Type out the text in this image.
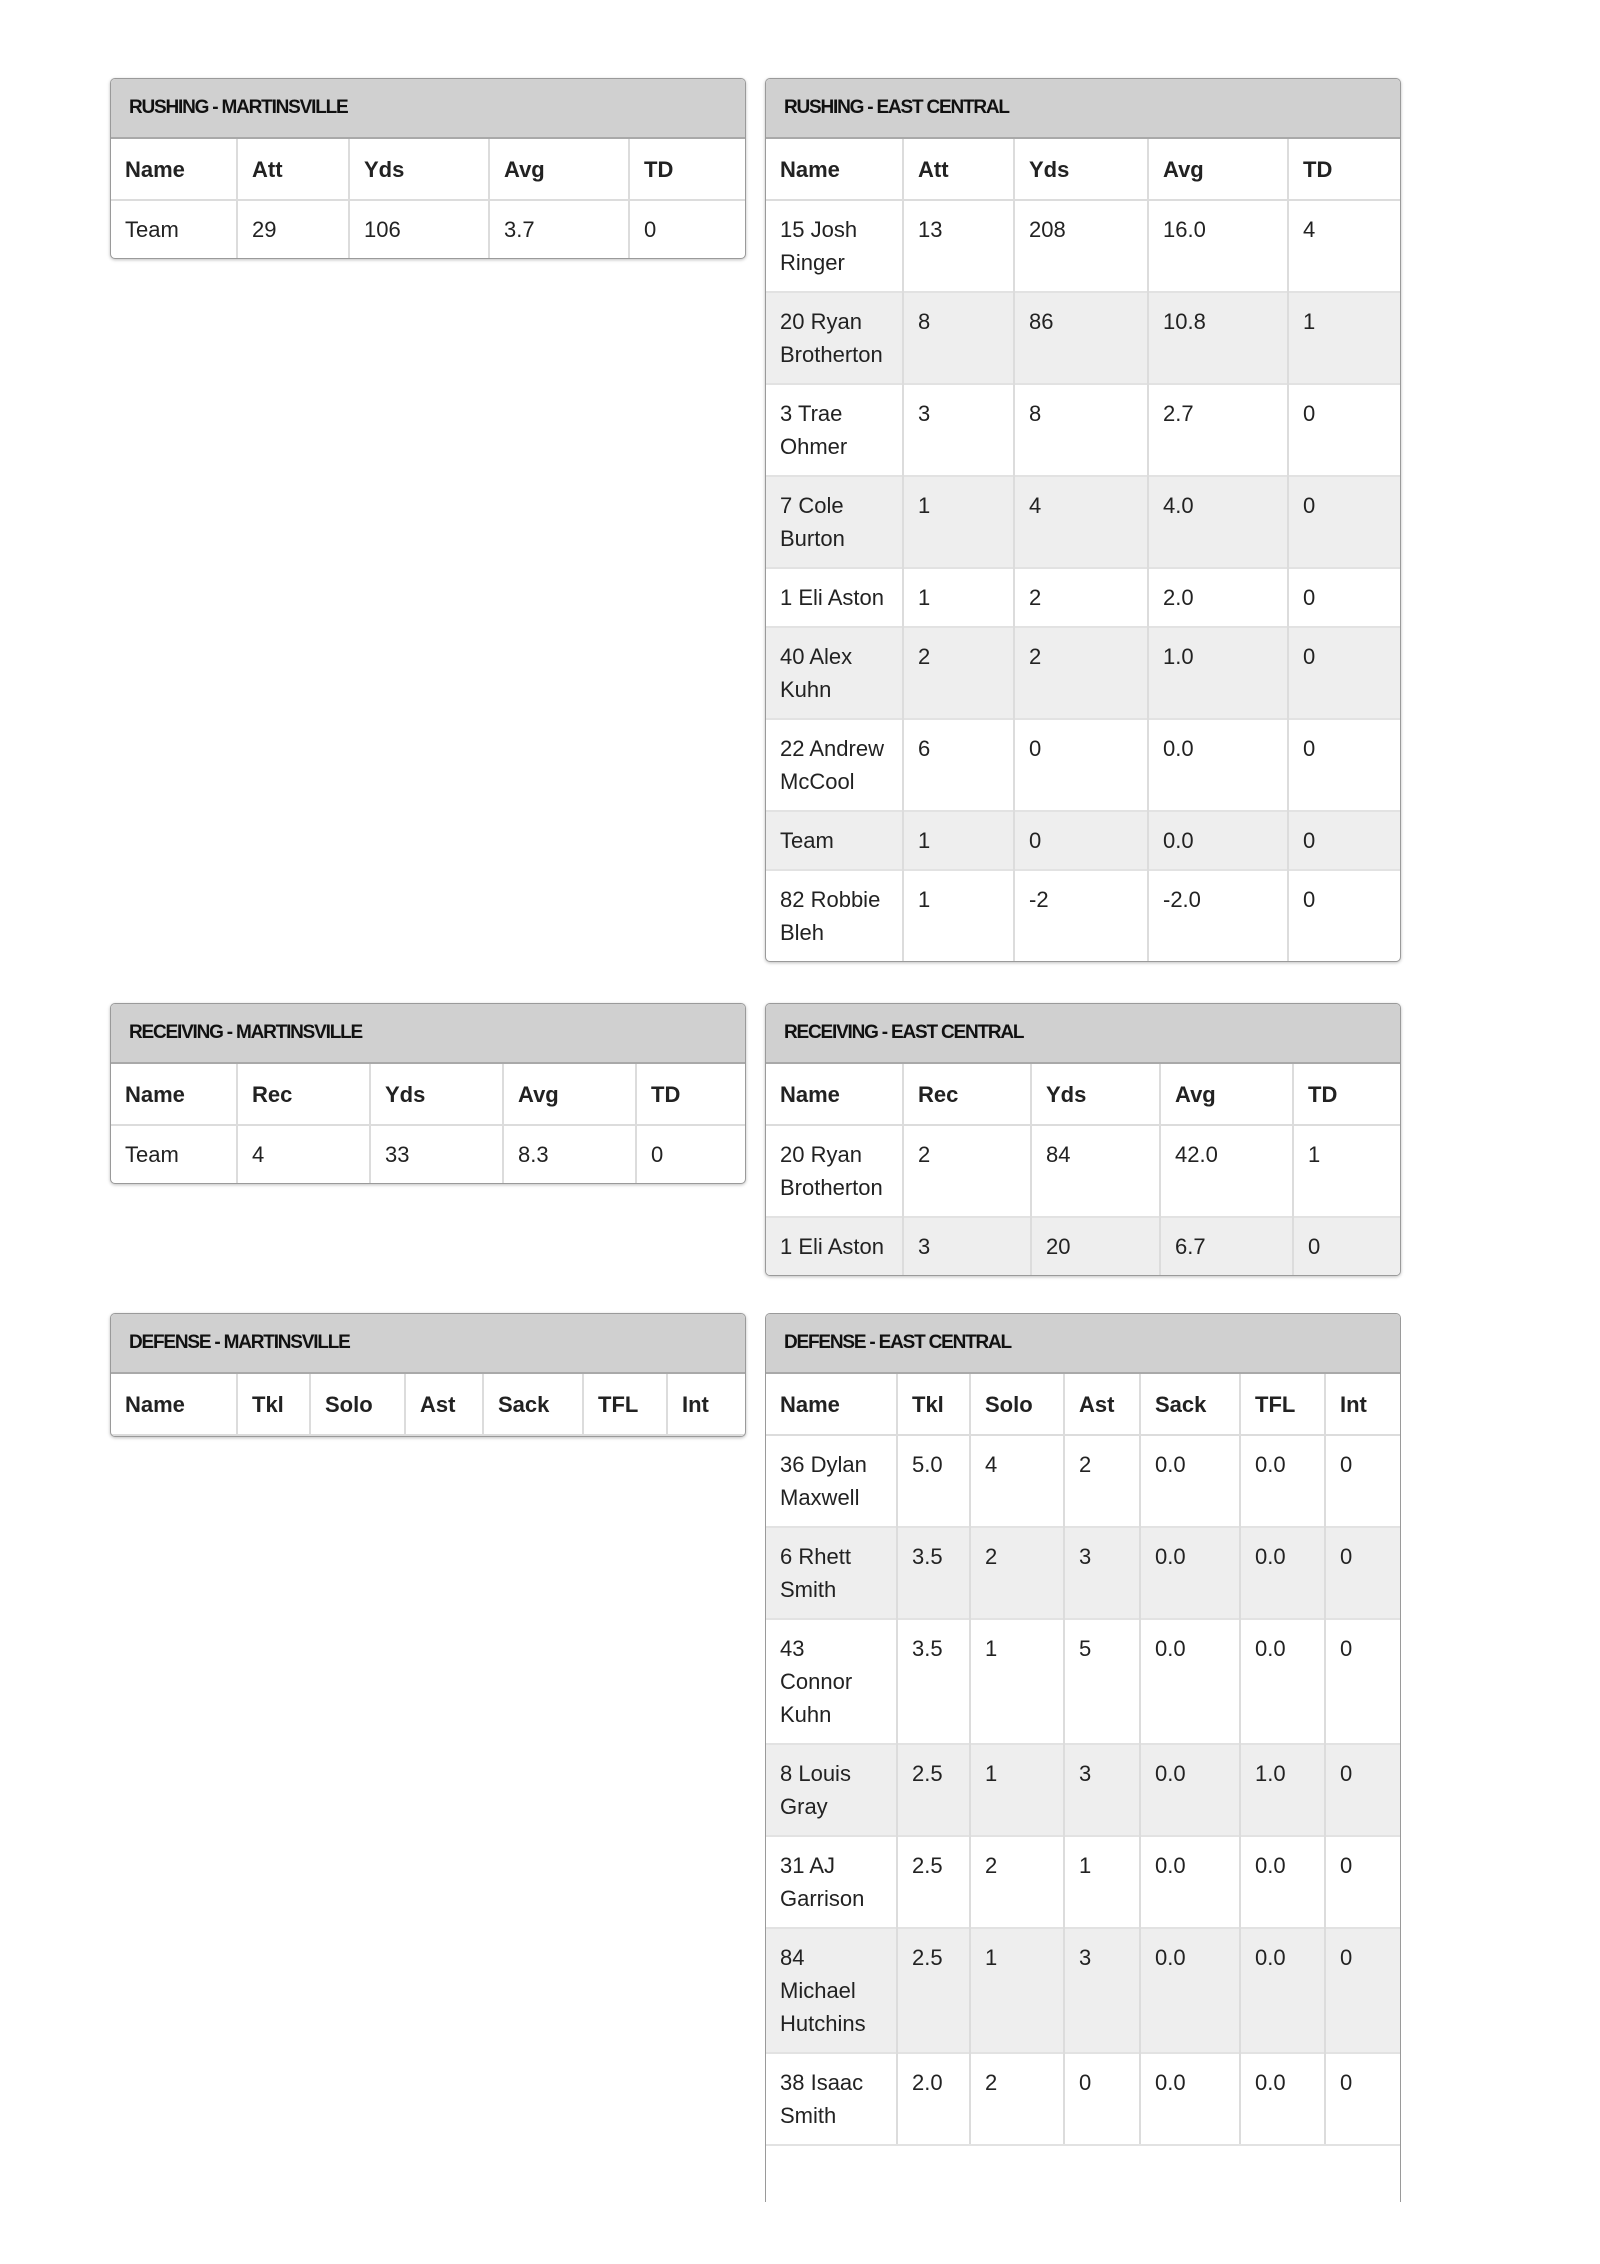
RUSHING - MARTINSVILLE
Name	Att	Yds	Avg	TD
Team	29	106	3.7	0
RUSHING - EAST CENTRAL
Name	Att	Yds	Avg	TD
15 Josh Ringer	13	208	16.0	4
20 Ryan Brotherton	8	86	10.8	1
3 Trae Ohmer	3	8	2.7	0
7 Cole Burton	1	4	4.0	0
1 Eli Aston	1	2	2.0	0
40 Alex Kuhn	2	2	1.0	0
22 Andrew McCool	6	0	0.0	0
Team	1	0	0.0	0
82 Robbie Bleh	1	-2	-2.0	0
RECEIVING - MARTINSVILLE
Name	Rec	Yds	Avg	TD
Team	4	33	8.3	0
RECEIVING - EAST CENTRAL
Name	Rec	Yds	Avg	TD
20 Ryan Brotherton	2	84	42.0	1
1 Eli Aston	3	20	6.7	0
DEFENSE - MARTINSVILLE
Name	Tkl	Solo	Ast	Sack	TFL	Int
DEFENSE - EAST CENTRAL
Name	Tkl	Solo	Ast	Sack	TFL	Int
36 Dylan Maxwell	5.0	4	2	0.0	0.0	0
6 Rhett Smith	3.5	2	3	0.0	0.0	0
43 Connor Kuhn	3.5	1	5	0.0	0.0	0
8 Louis Gray	2.5	1	3	0.0	1.0	0
31 AJ Garrison	2.5	2	1	0.0	0.0	0
84 Michael Hutchins	2.5	1	3	0.0	0.0	0
38 Isaac Smith	2.0	2	0	0.0	0.0	0
